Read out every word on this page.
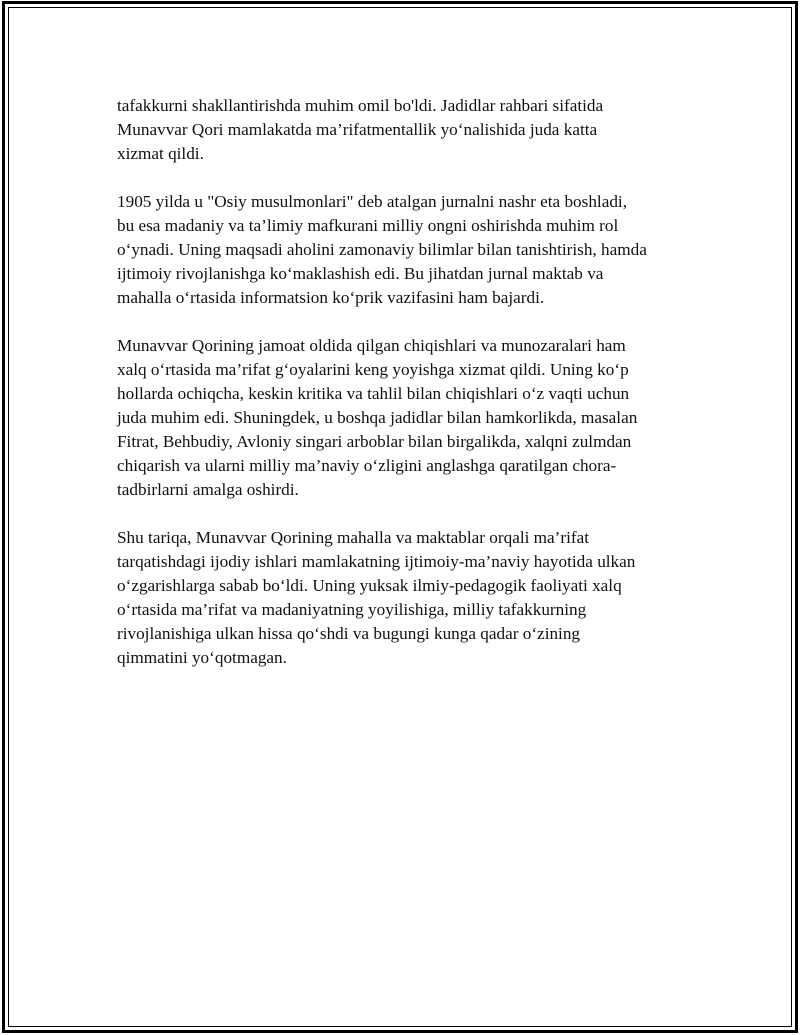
tafakkurni shakllantirishda muhim omil bo'ldi. Jadidlar rahbari sifatida
Munavvar Qori mamlakatda ma’rifatmentallik yo‘nalishida juda katta
xizmat qildi.

1905 yilda u "Osiy musulmonlari" deb atalgan jurnalni nashr eta boshladi,
bu esa madaniy va ta’limiy mafkurani milliy ongni oshirishda muhim rol
o‘ynadi. Uning maqsadi aholini zamonaviy bilimlar bilan tanishtirish, hamda
ijtimoiy rivojlanishga ko‘maklashish edi. Bu jihatdan jurnal maktab va
mahalla o‘rtasida informatsion ko‘prik vazifasini ham bajardi.

Munavvar Qorining jamoat oldida qilgan chiqishlari va munozaralari ham
xalq o‘rtasida ma’rifat g‘oyalarini keng yoyishga xizmat qildi. Uning ko‘p
hollarda ochiqcha, keskin kritika va tahlil bilan chiqishlari o‘z vaqti uchun
juda muhim edi. Shuningdek, u boshqa jadidlar bilan hamkorlikda, masalan
Fitrat, Behbudiy, Avloniy singari arboblar bilan birgalikda, xalqni zulmdan
chiqarish va ularni milliy ma’naviy o‘zligini anglashga qaratilgan chora-
tadbirlarni amalga oshirdi.

Shu tariqa, Munavvar Qorining mahalla va maktablar orqali ma’rifat
tarqatishdagi ijodiy ishlari mamlakatning ijtimoiy-ma’naviy hayotida ulkan
o‘zgarishlarga sabab bo‘ldi. Uning yuksak ilmiy-pedagogik faoliyati xalq
o‘rtasida ma’rifat va madaniyatning yoyilishiga, milliy tafakkurning
rivojlanishiga ulkan hissa qo‘shdi va bugungi kunga qadar o‘zining
qimmatini yo‘qotmagan.
